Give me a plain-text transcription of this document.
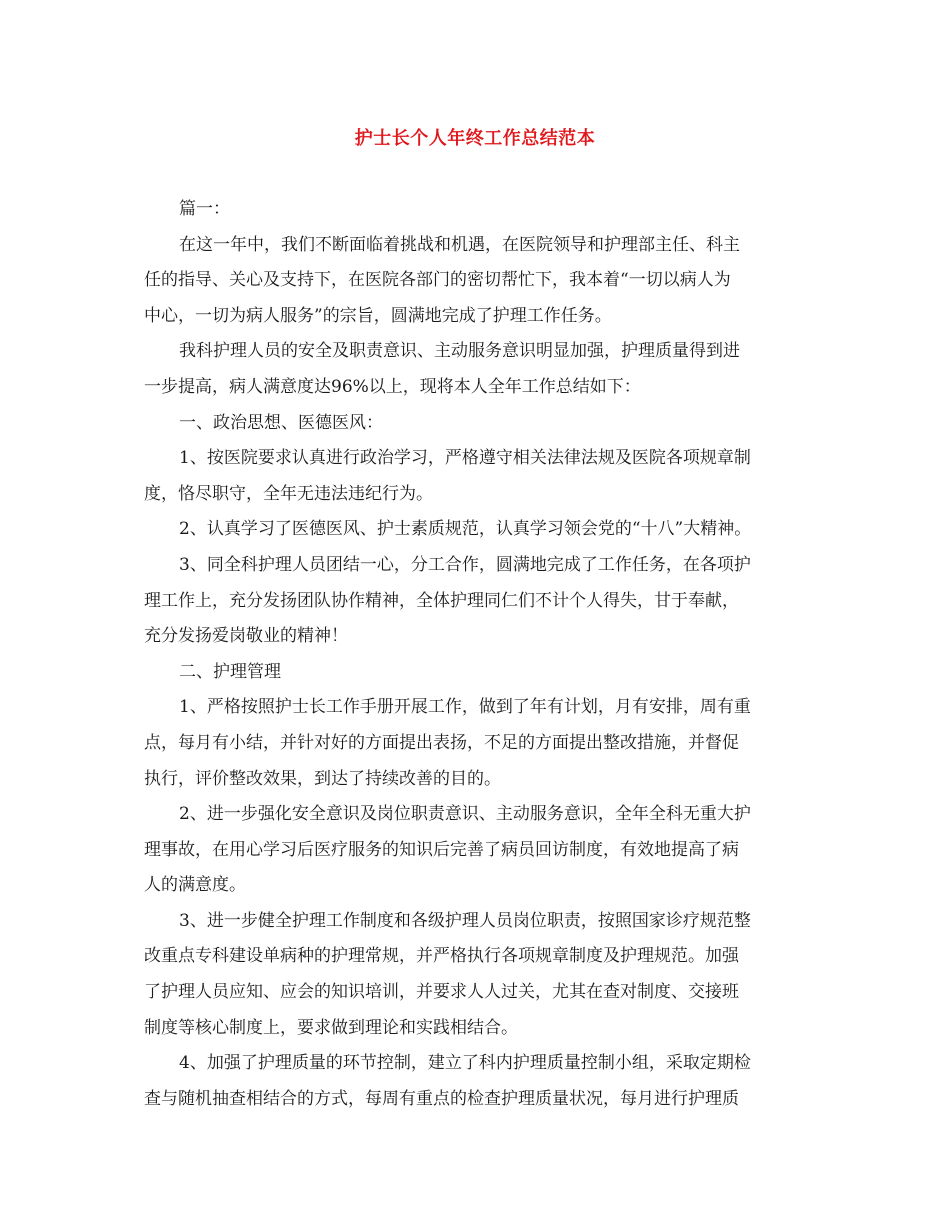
护士长个人年终工作总结范本
篇一：
在这一年中，我们不断面临着挑战和机遇，在医院领导和护理部主任、科主
任的指导、关心及支持下，在医院各部门的密切帮忙下，我本着“一切以病人为
中心，一切为病人服务”的宗旨，圆满地完成了护理工作任务。
我科护理人员的安全及职责意识、主动服务意识明显加强，护理质量得到进
一步提高，病人满意度达96%以上，现将本人全年工作总结如下：
一、政治思想、医德医风：
1、按医院要求认真进行政治学习，严格遵守相关法律法规及医院各项规章制
度，恪尽职守，全年无违法违纪行为。
2、认真学习了医德医风、护士素质规范，认真学习领会党的“十八”大精神。
3、同全科护理人员团结一心，分工合作，圆满地完成了工作任务，在各项护
理工作上，充分发扬团队协作精神，全体护理同仁们不计个人得失，甘于奉献，
充分发扬爱岗敬业的精神！
二、护理管理
1、严格按照护士长工作手册开展工作，做到了年有计划，月有安排，周有重
点，每月有小结，并针对好的方面提出表扬，不足的方面提出整改措施，并督促
执行，评价整改效果，到达了持续改善的目的。
2、进一步强化安全意识及岗位职责意识、主动服务意识，全年全科无重大护
理事故，在用心学习后医疗服务的知识后完善了病员回访制度，有效地提高了病
人的满意度。
3、进一步健全护理工作制度和各级护理人员岗位职责，按照国家诊疗规范整
改重点专科建设单病种的护理常规，并严格执行各项规章制度及护理规范。加强
了护理人员应知、应会的知识培训，并要求人人过关，尤其在查对制度、交接班
制度等核心制度上，要求做到理论和实践相结合。
4、加强了护理质量的环节控制，建立了科内护理质量控制小组，采取定期检
查与随机抽查相结合的方式，每周有重点的检查护理质量状况，每月进行护理质
